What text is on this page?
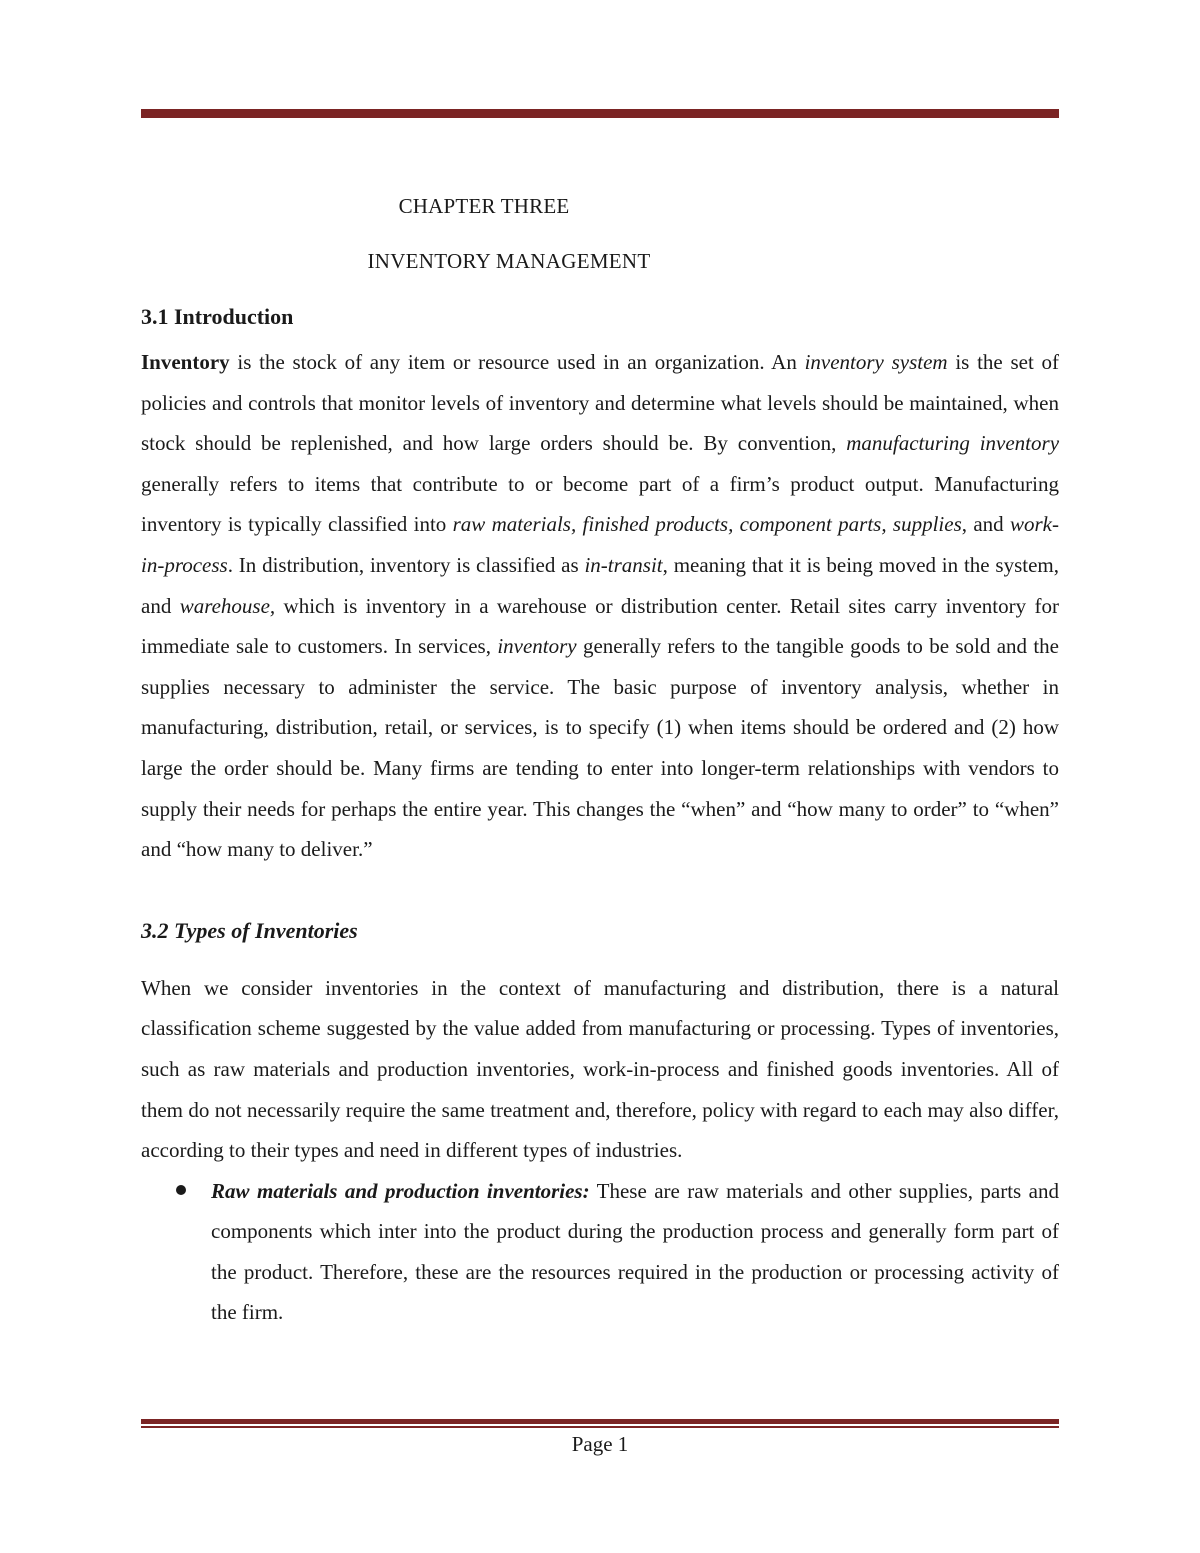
CHAPTER THREE
INVENTORY MANAGEMENT
3.1 Introduction

Inventory is the stock of any item or resource used in an organization. An inventory system is the set of policies and controls that monitor levels of inventory and determine what levels should be maintained, when stock should be replenished, and how large orders should be. By convention, manufacturing inventory generally refers to items that contribute to or become part of a firm’s product output. Manufacturing inventory is typically classified into raw materials, finished products, component parts, supplies, and work-in-process. In distribution, inventory is classified as in-transit, meaning that it is being moved in the system, and warehouse, which is inventory in a warehouse or distribution center. Retail sites carry inventory for immediate sale to customers. In services, inventory generally refers to the tangible goods to be sold and the supplies necessary to administer the service. The basic purpose of inventory analysis, whether in manufacturing, distribution, retail, or services, is to specify (1) when items should be ordered and (2) how large the order should be. Many firms are tending to enter into longer-term relationships with vendors to supply their needs for perhaps the entire year. This changes the “when” and “how many to order” to “when” and “how many to deliver.”

3.2 Types of Inventories

When we consider inventories in the context of manufacturing and distribution, there is a natural classification scheme suggested by the value added from manufacturing or processing. Types of inventories, such as raw materials and production inventories, work-in-process and finished goods inventories. All of them do not necessarily require the same treatment and, therefore, policy with regard to each may also differ, according to their types and need in different types of industries.

Raw materials and production inventories: These are raw materials and other supplies, parts and components which inter into the product during the production process and generally form part of the product. Therefore, these are the resources required in the production or processing activity of the firm.
Page 1
